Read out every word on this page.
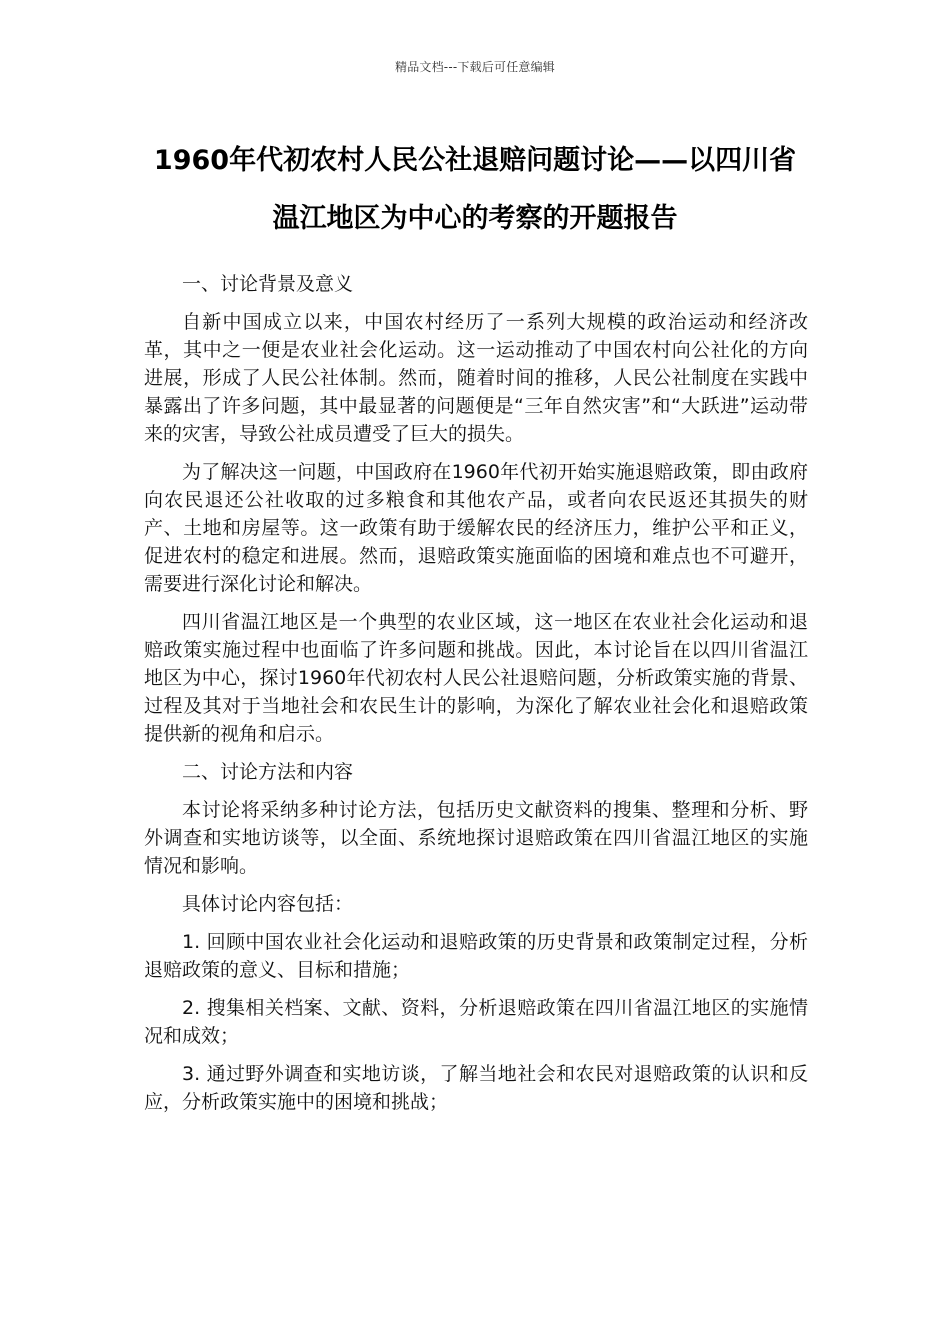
精品文档---下载后可任意编辑
1960年代初农村人民公社退赔问题讨论——以四川省温江地区为中心的考察的开题报告

一、讨论背景及意义

自新中国成立以来，中国农村经历了一系列大规模的政治运动和经济改革，其中之一便是农业社会化运动。这一运动推动了中国农村向公社化的方向进展，形成了人民公社体制。然而，随着时间的推移，人民公社制度在实践中暴露出了许多问题，其中最显著的问题便是“三年自然灾害”和“大跃进”运动带来的灾害，导致公社成员遭受了巨大的损失。

为了解决这一问题，中国政府在1960年代初开始实施退赔政策，即由政府向农民退还公社收取的过多粮食和其他农产品，或者向农民返还其损失的财产、土地和房屋等。这一政策有助于缓解农民的经济压力，维护公平和正义，促进农村的稳定和进展。然而，退赔政策实施面临的困境和难点也不可避开，需要进行深化讨论和解决。

四川省温江地区是一个典型的农业区域，这一地区在农业社会化运动和退赔政策实施过程中也面临了许多问题和挑战。因此，本讨论旨在以四川省温江地区为中心，探讨1960年代初农村人民公社退赔问题，分析政策实施的背景、过程及其对于当地社会和农民生计的影响，为深化了解农业社会化和退赔政策提供新的视角和启示。

二、讨论方法和内容

本讨论将采纳多种讨论方法，包括历史文献资料的搜集、整理和分析、野外调查和实地访谈等，以全面、系统地探讨退赔政策在四川省温江地区的实施情况和影响。

具体讨论内容包括：

1. 回顾中国农业社会化运动和退赔政策的历史背景和政策制定过程，分析退赔政策的意义、目标和措施；

2. 搜集相关档案、文献、资料，分析退赔政策在四川省温江地区的实施情况和成效；

3. 通过野外调查和实地访谈，了解当地社会和农民对退赔政策的认识和反应，分析政策实施中的困境和挑战；
